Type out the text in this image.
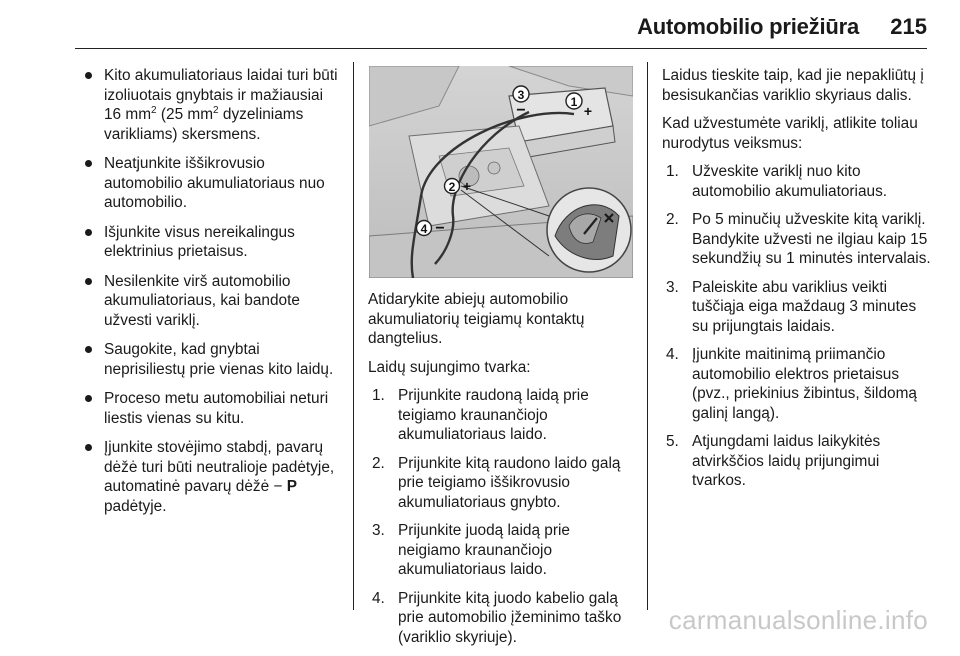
Automobilio priežiūra 215
Kito akumuliatoriaus laidai turi būti izoliuotais gnybtais ir mažiausiai 16 $mm^2$ (25 $mm^2$ dyzeliniams varikliams) skersmens.
Neatjunkite iššikrovusio automobilio akumuliatoriaus nuo automobilio.
Išjunkite visus nereikalingus elektrinius prietaisus.
Nesilenkite virš automobilio akumuliatoriaus, kai bandote užvesti variklį.
Saugokite, kad gnybtai neprisiliestų prie vienas kito laidų.
Proceso metu automobiliai neturi liestis vienas su kitu.
Įjunkite stovėjimo stabdį, pavarų dėžė turi būti neutralioje padėtyje, automatinė pavarų dėžė − P padėtyje.
1
+
3
−
2 +
4 −

Atidarykite abiejų automobilio akumuliatorių teigiamų kontaktų dangtelius.

Laidų sujungimo tvarka:

1. Prijunkite raudoną laidą prie teigiamo kraunančiojo akumuliatoriaus laido.
2. Prijunkite kitą raudono laido galą prie teigiamo iššikrovusio akumuliatoriaus gnybto.
3. Prijunkite juodą laidą prie neigiamo kraunančiojo akumuliatoriaus laido.
4. Prijunkite kitą juodo kabelio galą prie automobilio įžeminimo taško (variklio skyriuje).

Laidus tieskite taip, kad jie nepakliūtų į besisukančias variklio skyriaus dalis.

Kad užvestumėte variklį, atlikite toliau nurodytus veiksmus:

1. Užveskite variklį nuo kito automobilio akumuliatoriaus.
2. Po 5 minučių užveskite kitą variklį. Bandykite užvesti ne ilgiau kaip 15 sekundžių su 1 minutės intervalais.
3. Paleiskite abu variklius veikti tuščiąja eiga maždaug 3 minutes su prijungtais laidais.
4. Įjunkite maitinimą priimančio automobilio elektros prietaisus (pvz., priekinius žibintus, šildomą galinį langą).
5. Atjungdami laidus laikykitės atvirkščios laidų prijungimui tvarkos.
carmanualsonline.info
